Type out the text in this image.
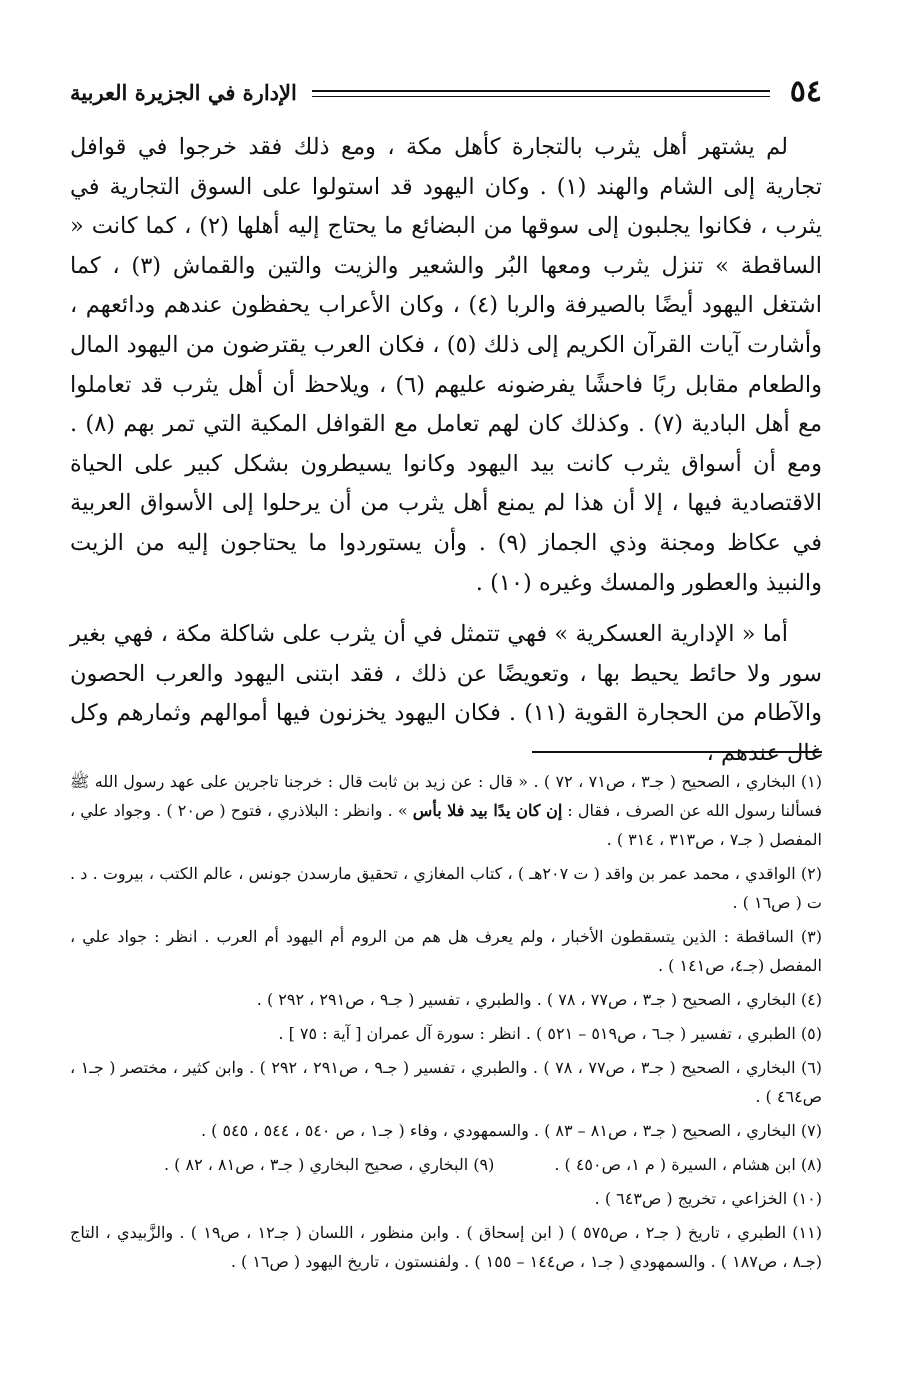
٥٤
الإدارة في الجزيرة العربية

لم يشتهر أهل يثرب بالتجارة كأهل مكة ، ومع ذلك فقد خرجوا في قوافل تجارية إلى الشام والهند (١) . وكان اليهود قد استولوا على السوق التجارية في يثرب ، فكانوا يجلبون إلى سوقها من البضائع ما يحتاج إليه أهلها (٢) ، كما كانت « الساقطة » تنزل يثرب ومعها البُر والشعير والزيت والتين والقماش (٣) ، كما اشتغل اليهود أيضًا بالصيرفة والربا (٤) ، وكان الأعراب يحفظون عندهم ودائعهم ، وأشارت آيات القرآن الكريم إلى ذلك (٥) ، فكان العرب يقترضون من اليهود المال والطعام مقابل ربًا فاحشًا يفرضونه عليهم (٦) ، ويلاحظ أن أهل يثرب قد تعاملوا مع أهل البادية (٧) . وكذلك كان لهم تعامل مع القوافل المكية التي تمر بهم (٨) . ومع أن أسواق يثرب كانت بيد اليهود وكانوا يسيطرون بشكل كبير على الحياة الاقتصادية فيها ، إلا أن هذا لم يمنع أهل يثرب من أن يرحلوا إلى الأسواق العربية في عكاظ ومجنة وذي الجماز (٩) . وأن يستوردوا ما يحتاجون إليه من الزيت والنبيذ والعطور والمسك وغيره (١٠) .

أما « الإدارية العسكرية » فهي تتمثل في أن يثرب على شاكلة مكة ، فهي بغير سور ولا حائط يحيط بها ، وتعويضًا عن ذلك ، فقد ابتنى اليهود والعرب الحصون والآطام من الحجارة القوية (١١) . فكان اليهود يخزنون فيها أموالهم وثمارهم وكل غال عندهم ،

(١) البخاري ، الصحيح ( جـ٣ ، ص٧١ ، ٧٢ ) . « قال : عن زيد بن ثابت قال : خرجنا تاجرين على عهد رسول الله ﷺ فسألنا رسول الله عن الصرف ، فقال : إن كان يدًا بيد فلا بأس » . وانظر : البلاذري ، فتوح ( ص٢٠ ) . وجواد علي ، المفصل ( جـ٧ ، ص٣١٣ ، ٣١٤ ) .

(٢) الواقدي ، محمد عمر بن واقد ( ت ٢٠٧هـ ) ، كتاب المغازي ، تحقيق مارسدن جونس ، عالم الكتب ، بيروت . د . ت ( ص١٦ ) .

(٣) الساقطة : الذين يتسقطون الأخبار ، ولم يعرف هل هم من الروم أم اليهود أم العرب . انظر : جواد علي ، المفصل (جـ٤، ص١٤١ ) .

(٤) البخاري ، الصحيح ( جـ٣ ، ص٧٧ ، ٧٨ ) . والطبري ، تفسير ( جـ٩ ، ص٢٩١ ، ٢٩٢ ) .

(٥) الطبري ، تفسير ( جـ٦ ، ص٥١٩ – ٥٢١ ) . انظر : سورة آل عمران [ آية : ٧٥ ] .

(٦) البخاري ، الصحيح ( جـ٣ ، ص٧٧ ، ٧٨ ) . والطبري ، تفسير ( جـ٩ ، ص٢٩١ ، ٢٩٢ ) . وابن كثير ، مختصر ( جـ١ ، ص٤٦٤ ) .

(٧) البخاري ، الصحيح ( جـ٣ ، ص٨١ – ٨٣ ) . والسمهودي ، وفاء ( جـ١ ، ص ٥٤٠ ، ٥٤٤ ، ٥٤٥ ) .

(٨) ابن هشام ، السيرة ( م ١، ص٤٥٠ ) .
(٩) البخاري ، صحيح البخاري ( جـ٣ ، ص٨١ ، ٨٢ ) .

(١٠) الخزاعي ، تخريج ( ص٦٤٣ ) .

(١١) الطبري ، تاريخ ( جـ٢ ، ص٥٧٥ ) ( ابن إسحاق ) . وابن منظور ، اللسان ( جـ١٢ ، ص١٩ ) . والزَّبيدي ، التاج (جـ٨ ، ص١٨٧ ) . والسمهودي ( جـ١ ، ص١٤٤ – ١٥٥ ) . ولفنستون ، تاريخ اليهود ( ص١٦ ) .
